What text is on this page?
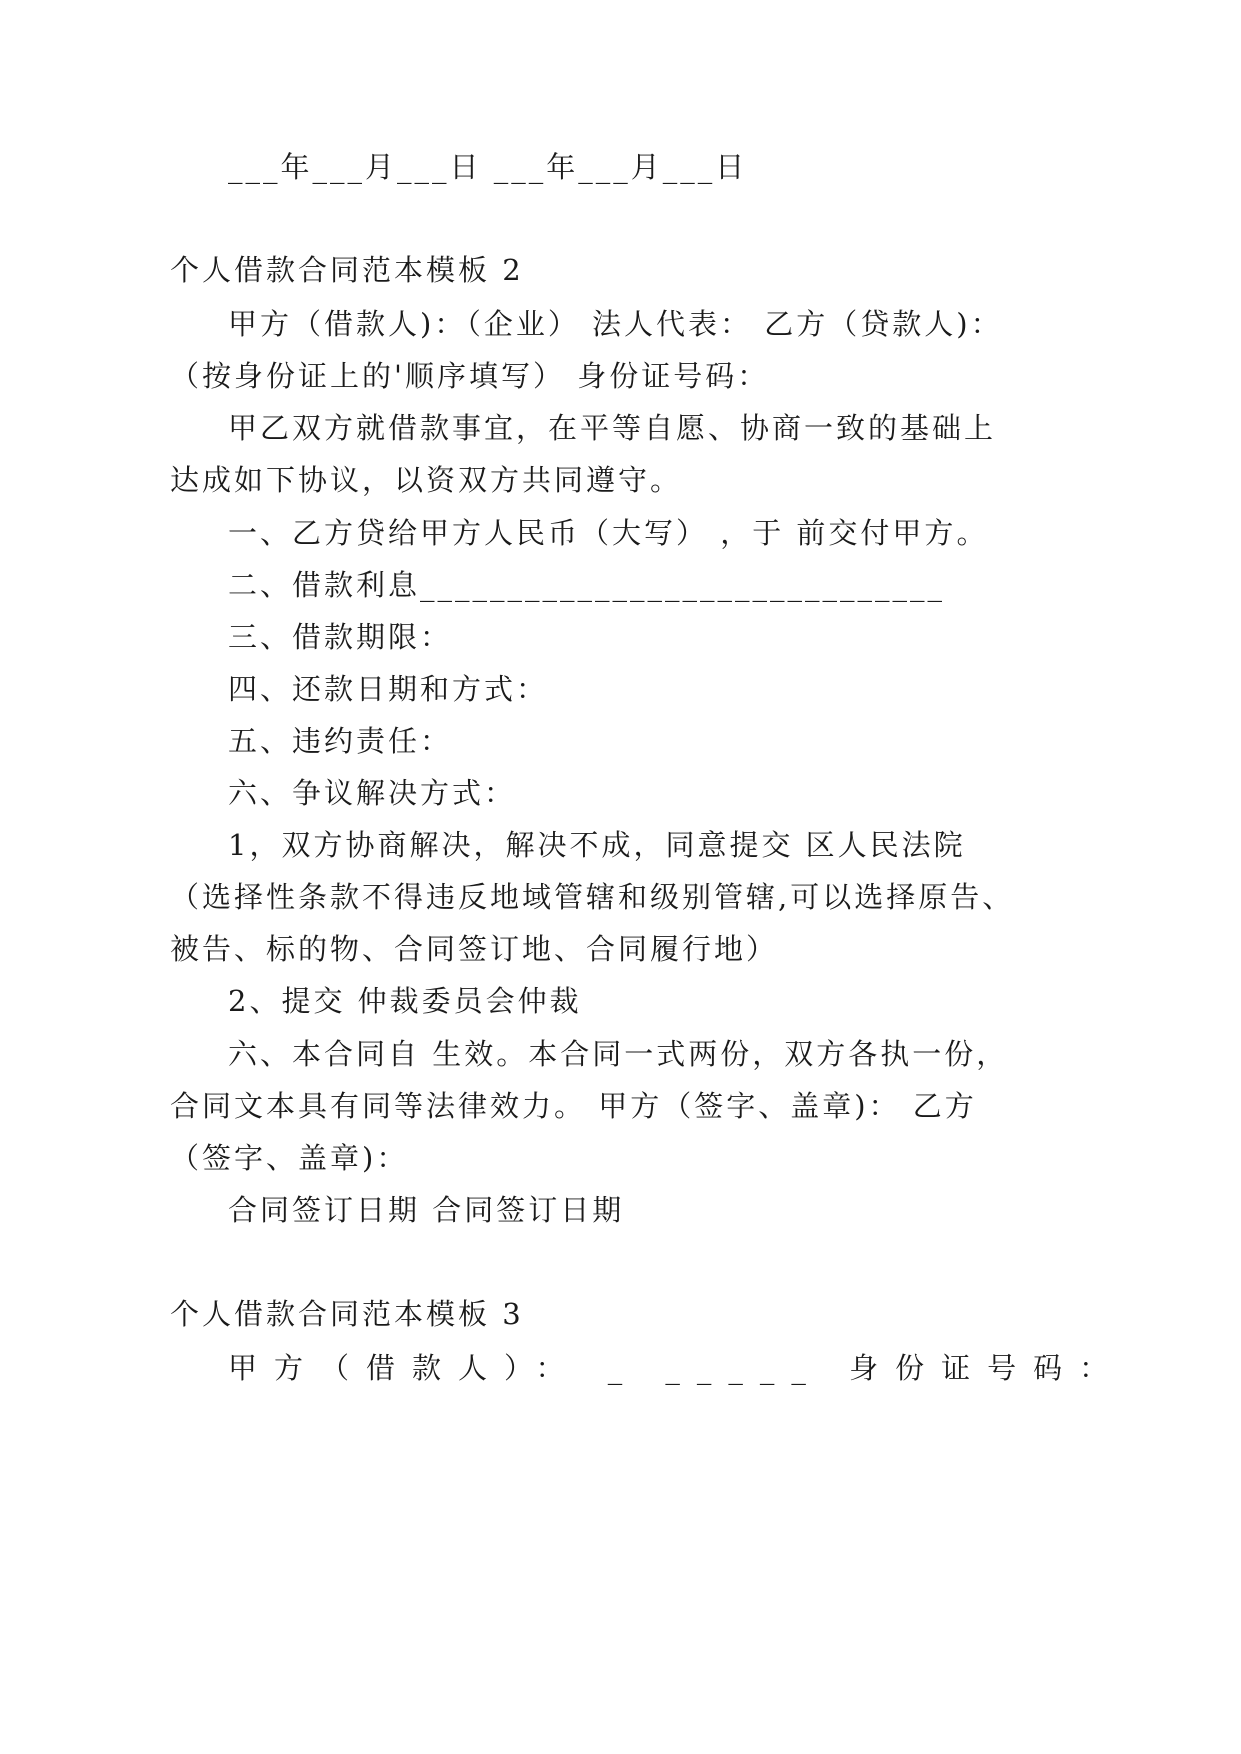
___年___月___日 ___年___月___日
个人借款合同范本模板 2
甲方（借款人)：（企业） 法人代表： 乙方（贷款人)：
（按身份证上的'顺序填写） 身份证号码：
甲乙双方就借款事宜，在平等自愿、协商一致的基础上
达成如下协议，以资双方共同遵守。
一、乙方贷给甲方人民币（大写） ，于 前交付甲方。
二、借款利息______________________________
三、借款期限：
四、还款日期和方式：
五、违约责任：
六、争议解决方式：
1，双方协商解决，解决不成，同意提交 区人民法院
（选择性条款不得违反地域管辖和级别管辖,可以选择原告、
被告、标的物、合同签订地、合同履行地）
2、提交 仲裁委员会仲裁
六、本合同自 生效。本合同一式两份，双方各执一份，
合同文本具有同等法律效力。 甲方（签字、盖章)： 乙方
（签字、盖章)：
合同签订日期 合同签订日期
个人借款合同范本模板 3
甲方（借款人）： _ _____ 身份证号码：
